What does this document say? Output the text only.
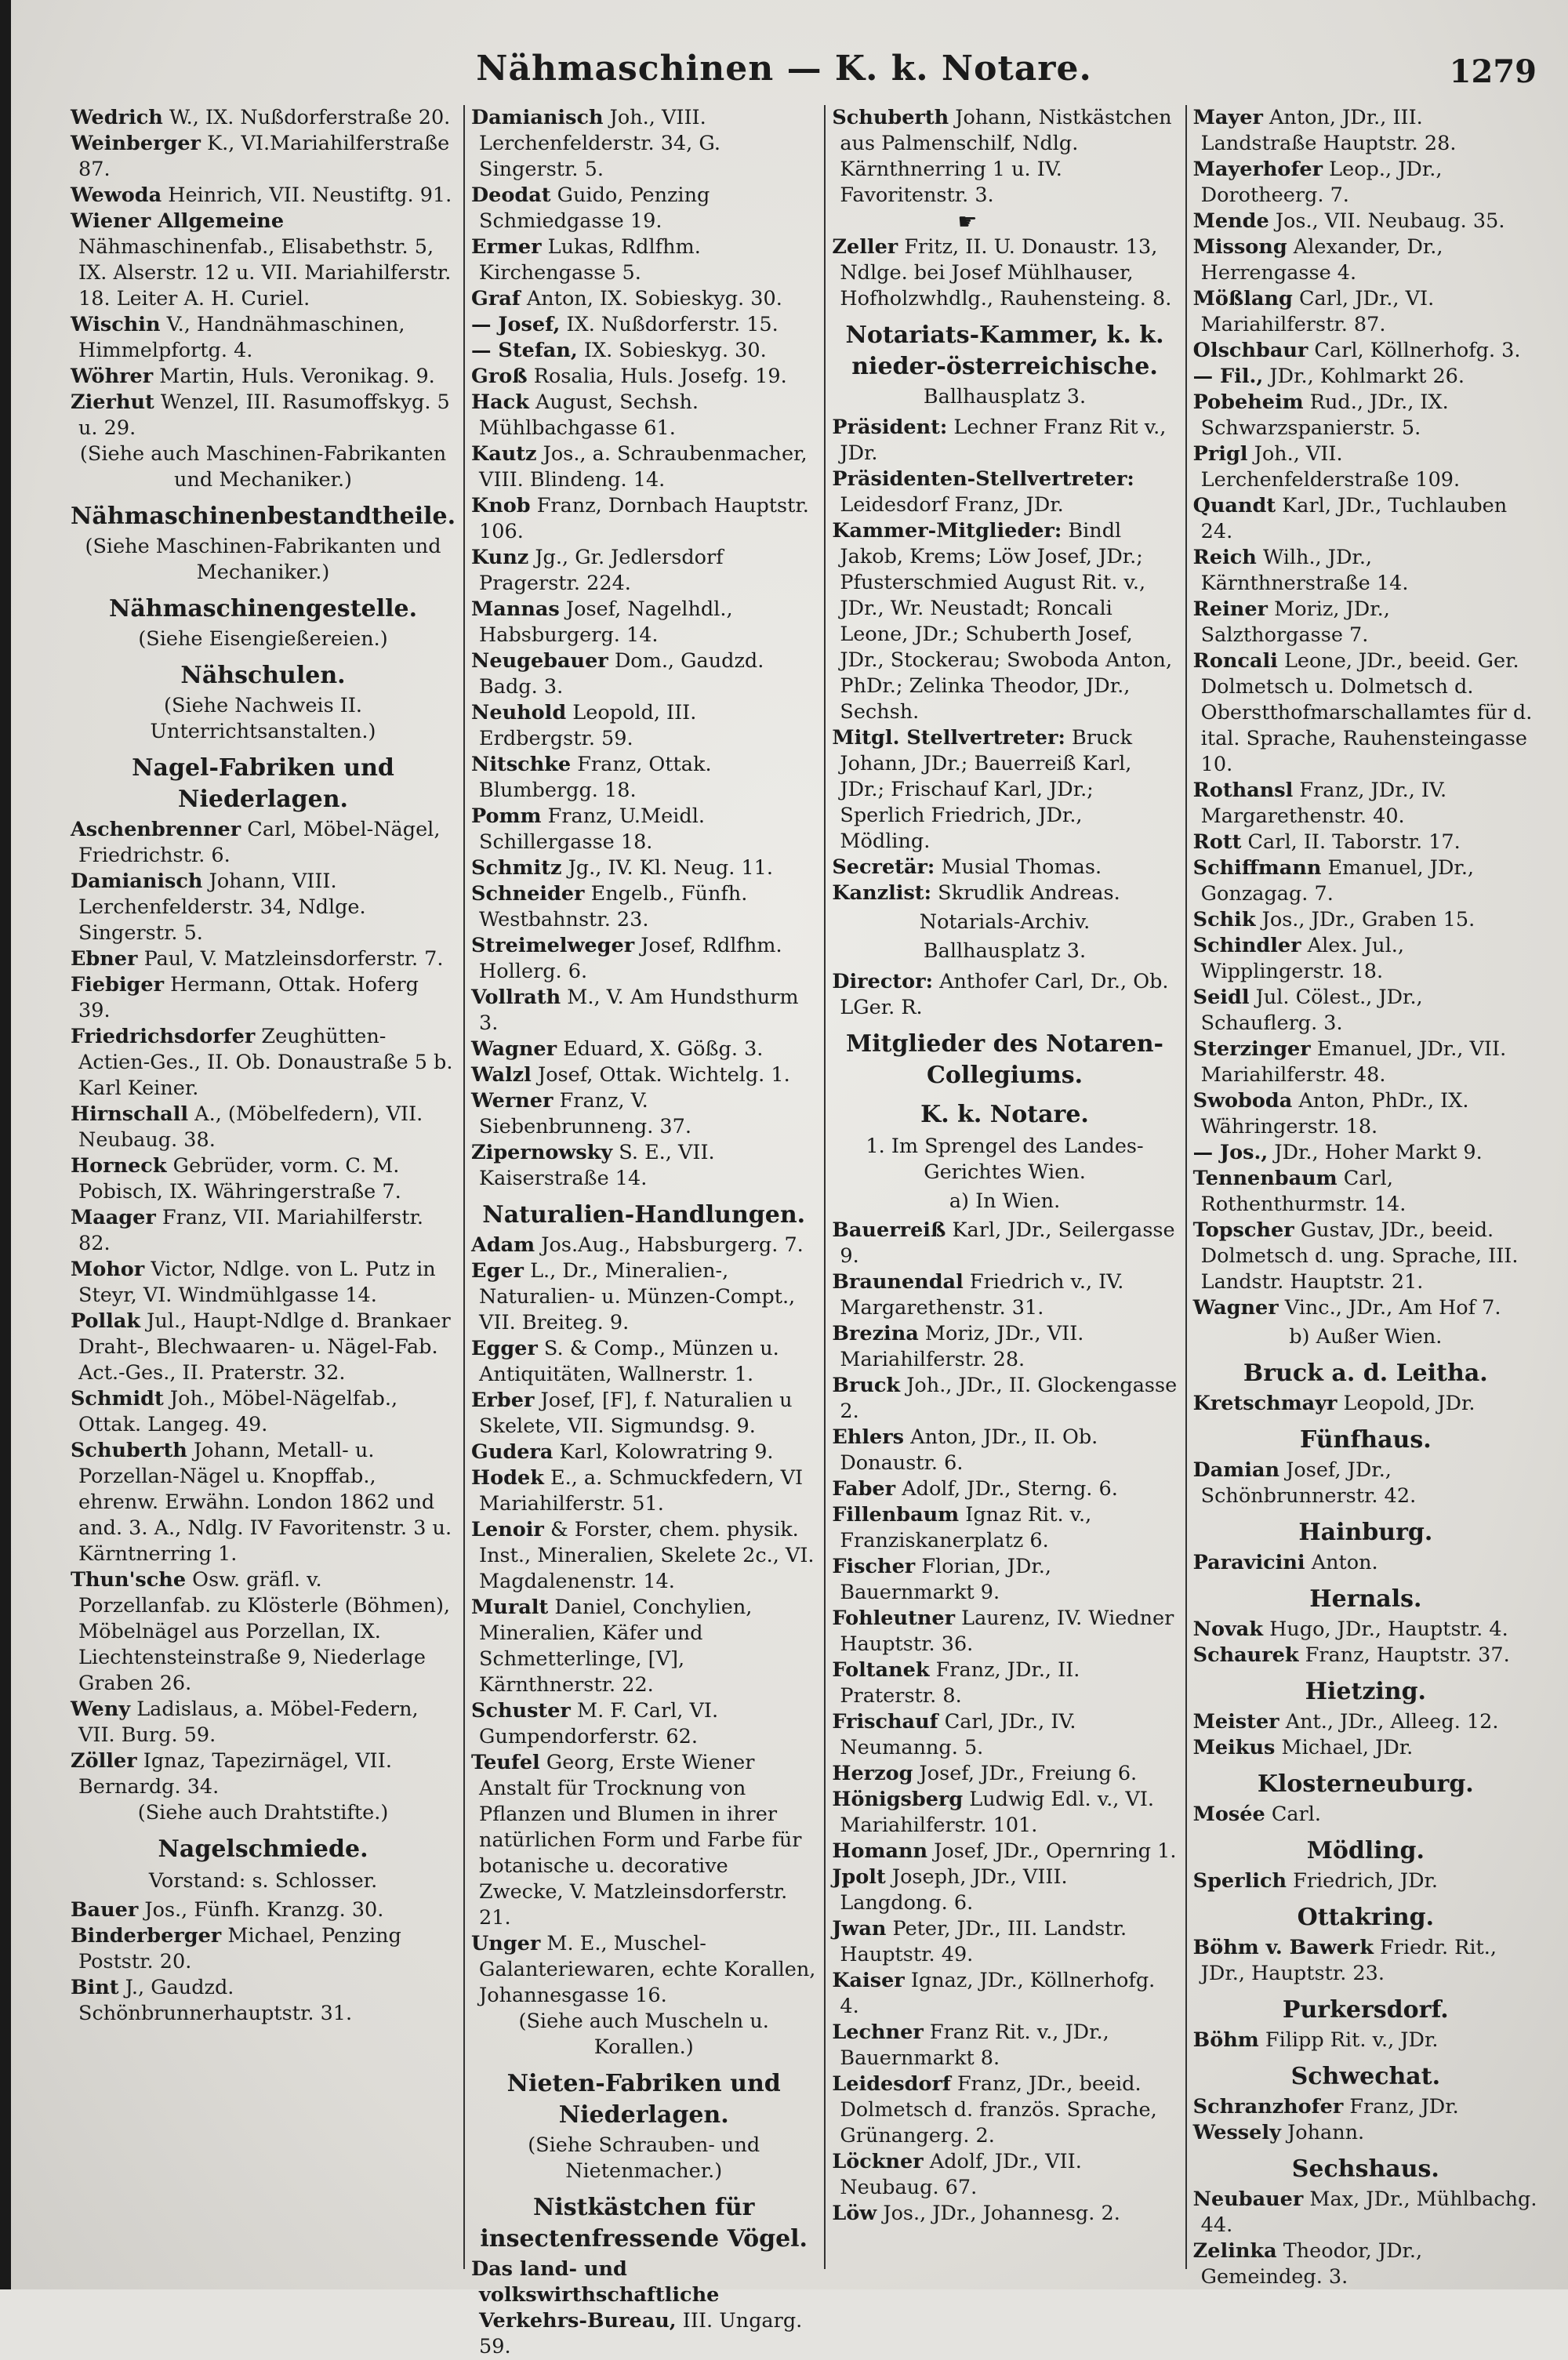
Nähmaschinen — K. k. Notare.	1279
Wedrich W., IX. Nußdorferstraße 20.
Weinberger K., VI.Mariahilferstraße 87.
Wewoda Heinrich, VII. Neustiftg. 91.
Wiener Allgemeine Nähmaschinenfab., Elisabethstr. 5, IX. Alserstr. 12 u. VII. Mariahilferstr. 18. Leiter A. H. Curiel.
Wischin V., Handnähmaschinen, Himmelpfortg. 4.
Wöhrer Martin, Huls. Veronikag. 9.
Zierhut Wenzel, III. Rasumoffskyg. 5 u. 29.
(Siehe auch Maschinen-Fabrikanten und Mechaniker.)
Nähmaschinenbestandtheile.
(Siehe Maschinen-Fabrikanten und Mechaniker.)
Nähmaschinengestelle.
(Siehe Eisengießereien.)
Nähschulen.
(Siehe Nachweis II. Unterrichtsanstalten.)
Nagel-Fabriken und Niederlagen.
Aschenbrenner Carl, Möbel-Nägel, Friedrichstr. 6.
Damianisch Johann, VIII. Lerchenfelderstr. 34, Ndlge. Singerstr. 5.
Ebner Paul, V. Matzleinsdorferstr. 7.
Fiebiger Hermann, Ottak. Hoferg 39.
Friedrichsdorfer Zeughütten-Actien-Ges., II. Ob. Donaustraße 5 b. Karl Keiner.
Hirnschall A., (Möbelfedern), VII. Neubaug. 38.
Horneck Gebrüder, vorm. C. M. Pobisch, IX. Währingerstraße 7.
Maager Franz, VII. Mariahilferstr. 82.
Mohor Victor, Ndlge. von L. Putz in Steyr, VI. Windmühlgasse 14.
Pollak Jul., Haupt-Ndlge d. Brankaer Draht-, Blechwaaren- u. Nägel-Fab. Act.-Ges., II. Praterstr. 32.
Schmidt Joh., Möbel-Nägelfab., Ottak. Langeg. 49.
Schuberth Johann, Metall- u. Porzellan-Nägel u. Knopffab., ehrenw. Erwähn. London 1862 und and. 3. A., Ndlg. IV Favoritenstr. 3 u. Kärntnerring 1.
Thun'sche Osw. gräfl. v. Porzellanfab. zu Klösterle (Böhmen), Möbelnägel aus Porzellan, IX. Liechtensteinstraße 9, Niederlage Graben 26.
Weny Ladislaus, a. Möbel-Federn, VII. Burg. 59.
Zöller Ignaz, Tapezirnägel, VII. Bernardg. 34.
(Siehe auch Drahtstifte.)
Nagelschmiede.
Vorstand: s. Schlosser.
Bauer Jos., Fünfh. Kranzg. 30.
Binderberger Michael, Penzing Poststr. 20.
Bint J., Gaudzd. Schönbrunnerhauptstr. 31.
Damianisch Joh., VIII. Lerchenfelderstr. 34, G. Singerstr. 5.
Deodat Guido, Penzing Schmiedgasse 19.
Ermer Lukas, Rdlfhm. Kirchengasse 5.
Graf Anton, IX. Sobieskyg. 30.
— Josef, IX. Nußdorferstr. 15.
— Stefan, IX. Sobieskyg. 30.
Groß Rosalia, Huls. Josefg. 19.
Hack August, Sechsh. Mühlbachgasse 61.
Kautz Jos., a. Schraubenmacher, VIII. Blindeng. 14.
Knob Franz, Dornbach Hauptstr. 106.
Kunz Jg., Gr. Jedlersdorf Pragerstr. 224.
Mannas Josef, Nagelhdl., Habsburgerg. 14.
Neugebauer Dom., Gaudzd. Badg. 3.
Neuhold Leopold, III. Erdbergstr. 59.
Nitschke Franz, Ottak. Blumbergg. 18.
Pomm Franz, U.Meidl. Schillergasse 18.
Schmitz Jg., IV. Kl. Neug. 11.
Schneider Engelb., Fünfh. Westbahnstr. 23.
Streimelweger Josef, Rdlfhm. Hollerg. 6.
Vollrath M., V. Am Hundsthurm 3.
Wagner Eduard, X. Gößg. 3.
Walzl Josef, Ottak. Wichtelg. 1.
Werner Franz, V. Siebenbrunneng. 37.
Zipernowsky S. E., VII. Kaiserstraße 14.
Naturalien-Handlungen.
Adam Jos.Aug., Habsburgerg. 7.
Eger L., Dr., Mineralien-, Naturalien- u. Münzen-Compt., VII. Breiteg. 9.
Egger S. & Comp., Münzen u. Antiquitäten, Wallnerstr. 1.
Erber Josef, [F], f. Naturalien u Skelete, VII. Sigmundsg. 9.
Gudera Karl, Kolowratring 9.
Hodek E., a. Schmuckfedern, VI Mariahilferstr. 51.
Lenoir & Forster, chem. physik. Inst., Mineralien, Skelete 2c., VI. Magdalenenstr. 14.
Muralt Daniel, Conchylien, Mineralien, Käfer und Schmetterlinge, [V], Kärnthnerstr. 22.
Schuster M. F. Carl, VI. Gumpendorferstr. 62.
Teufel Georg, Erste Wiener Anstalt für Trocknung von Pflanzen und Blumen in ihrer natürlichen Form und Farbe für botanische u. decorative Zwecke, V. Matzleinsdorferstr. 21.
Unger M. E., Muschel-Galanteriewaren, echte Korallen, Johannesgasse 16.
(Siehe auch Muscheln u. Korallen.)
Nieten-Fabriken und Niederlagen.
(Siehe Schrauben- und Nietenmacher.)
Nistkästchen für insectenfressende Vögel.
Das land- und volkswirthschaftliche Verkehrs-Bureau, III. Ungarg. 59.
Schuberth Johann, Nistkästchen aus Palmenschilf, Ndlg. Kärnthnerring 1 u. IV. Favoritenstr. 3.
☛
Zeller Fritz, II. U. Donaustr. 13, Ndlge. bei Josef Mühlhauser, Hofholzwhdlg., Rauhensteing. 8.
Notariats-Kammer, k. k. nieder-österreichische.
Ballhausplatz 3.
Präsident: Lechner Franz Rit v., JDr.
Präsidenten-Stellvertreter: Leidesdorf Franz, JDr.
Kammer-Mitglieder: Bindl Jakob, Krems; Löw Josef, JDr.; Pfusterschmied August Rit. v., JDr., Wr. Neustadt; Roncali Leone, JDr.; Schuberth Josef, JDr., Stockerau; Swoboda Anton, PhDr.; Zelinka Theodor, JDr., Sechsh.
Mitgl. Stellvertreter: Bruck Johann, JDr.; Bauerreiß Karl, JDr.; Frischauf Karl, JDr.; Sperlich Friedrich, JDr., Mödling.
Secretär: Musial Thomas.
Kanzlist: Skrudlik Andreas.
Notarials-Archiv.
Ballhausplatz 3.
Director: Anthofer Carl, Dr., Ob. LGer. R.
Mitglieder des Notaren-Collegiums.
K. k. Notare.
1. Im Sprengel des Landes-Gerichtes Wien.
a) In Wien.
Bauerreiß Karl, JDr., Seilergasse 9.
Braunendal Friedrich v., IV. Margarethenstr. 31.
Brezina Moriz, JDr., VII. Mariahilferstr. 28.
Bruck Joh., JDr., II. Glockengasse 2.
Ehlers Anton, JDr., II. Ob. Donaustr. 6.
Faber Adolf, JDr., Sterng. 6.
Fillenbaum Ignaz Rit. v., Franziskanerplatz 6.
Fischer Florian, JDr., Bauernmarkt 9.
Fohleutner Laurenz, IV. Wiedner Hauptstr. 36.
Foltanek Franz, JDr., II. Praterstr. 8.
Frischauf Carl, JDr., IV. Neumanng. 5.
Herzog Josef, JDr., Freiung 6.
Hönigsberg Ludwig Edl. v., VI. Mariahilferstr. 101.
Homann Josef, JDr., Opernring 1.
Jpolt Joseph, JDr., VIII. Langdong. 6.
Jwan Peter, JDr., III. Landstr. Hauptstr. 49.
Kaiser Ignaz, JDr., Köllnerhofg. 4.
Lechner Franz Rit. v., JDr., Bauernmarkt 8.
Leidesdorf Franz, JDr., beeid. Dolmetsch d. französ. Sprache, Grünangerg. 2.
Löckner Adolf, JDr., VII. Neubaug. 67.
Löw Jos., JDr., Johannesg. 2.
Mayer Anton, JDr., III. Landstraße Hauptstr. 28.
Mayerhofer Leop., JDr., Dorotheerg. 7.
Mende Jos., VII. Neubaug. 35.
Missong Alexander, Dr., Herrengasse 4.
Mößlang Carl, JDr., VI. Mariahilferstr. 87.
Olschbaur Carl, Köllnerhofg. 3.
— Fil., JDr., Kohlmarkt 26.
Pobeheim Rud., JDr., IX. Schwarzspanierstr. 5.
Prigl Joh., VII. Lerchenfelderstraße 109.
Quandt Karl, JDr., Tuchlauben 24.
Reich Wilh., JDr., Kärnthnerstraße 14.
Reiner Moriz, JDr., Salzthorgasse 7.
Roncali Leone, JDr., beeid. Ger. Dolmetsch u. Dolmetsch d. Oberstthofmarschallamtes für d. ital. Sprache, Rauhensteingasse 10.
Rothansl Franz, JDr., IV. Margarethenstr. 40.
Rott Carl, II. Taborstr. 17.
Schiffmann Emanuel, JDr., Gonzagag. 7.
Schik Jos., JDr., Graben 15.
Schindler Alex. Jul., Wipplingerstr. 18.
Seidl Jul. Cölest., JDr., Schauflerg. 3.
Sterzinger Emanuel, JDr., VII. Mariahilferstr. 48.
Swoboda Anton, PhDr., IX. Währingerstr. 18.
— Jos., JDr., Hoher Markt 9.
Tennenbaum Carl, Rothenthurmstr. 14.
Topscher Gustav, JDr., beeid. Dolmetsch d. ung. Sprache, III. Landstr. Hauptstr. 21.
Wagner Vinc., JDr., Am Hof 7.
b) Außer Wien.
Bruck a. d. Leitha.
Kretschmayr Leopold, JDr.
Fünfhaus.
Damian Josef, JDr., Schönbrunnerstr. 42.
Hainburg.
Paravicini Anton.
Hernals.
Novak Hugo, JDr., Hauptstr. 4.
Schaurek Franz, Hauptstr. 37.
Hietzing.
Meister Ant., JDr., Alleeg. 12.
Meikus Michael, JDr.
Klosterneuburg.
Mosée Carl.
Mödling.
Sperlich Friedrich, JDr.
Ottakring.
Böhm v. Bawerk Friedr. Rit., JDr., Hauptstr. 23.
Purkersdorf.
Böhm Filipp Rit. v., JDr.
Schwechat.
Schranzhofer Franz, JDr.
Wessely Johann.
Sechshaus.
Neubauer Max, JDr., Mühlbachg. 44.
Zelinka Theodor, JDr., Gemeindeg. 3.
